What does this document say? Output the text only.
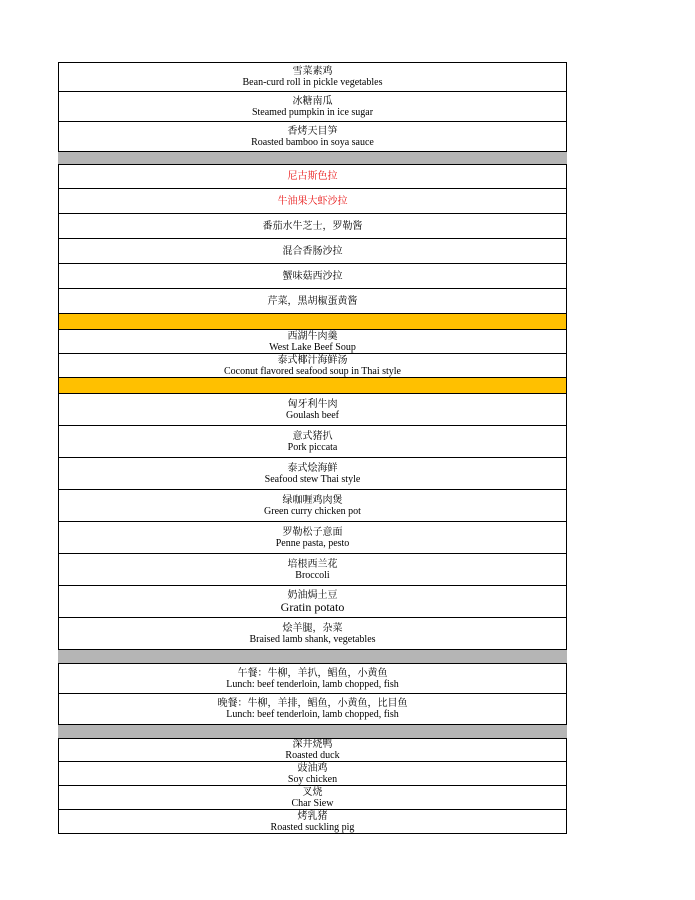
雪菜素鸡
Bean-curd roll in pickle vegetables
冰糖南瓜
Steamed pumpkin in ice sugar
香烤天目笋
Roasted bamboo in soya sauce
尼古斯色拉
牛油果大虾沙拉
番茄水牛芝士，罗勒酱
混合香肠沙拉
蟹味菇西沙拉
芹菜，黑胡椒蛋黄酱
西湖牛肉羹
West Lake Beef Soup
泰式椰汁海鲜汤
Coconut flavored seafood soup in Thai style
匈牙利牛肉
Goulash beef
意式猪扒
Pork piccata
泰式烩海鲜
Seafood stew Thai style
绿咖喱鸡肉煲
Green curry chicken pot
罗勒松子意面
Penne pasta, pesto
培根西兰花
Broccoli
奶油焗土豆
Gratin potato
烩羊腿，杂菜
Braised lamb shank, vegetables
午餐：牛柳，羊扒，鲳鱼，小黄鱼
Lunch: beef tenderloin, lamb chopped, fish
晚餐：牛柳，羊排，鲳鱼，小黄鱼，比目鱼
Lunch: beef tenderloin, lamb chopped, fish
深井烧鸭
Roasted duck
豉油鸡
Soy chicken
叉烧
Char Siew
烤乳猪
Roasted suckling pig
